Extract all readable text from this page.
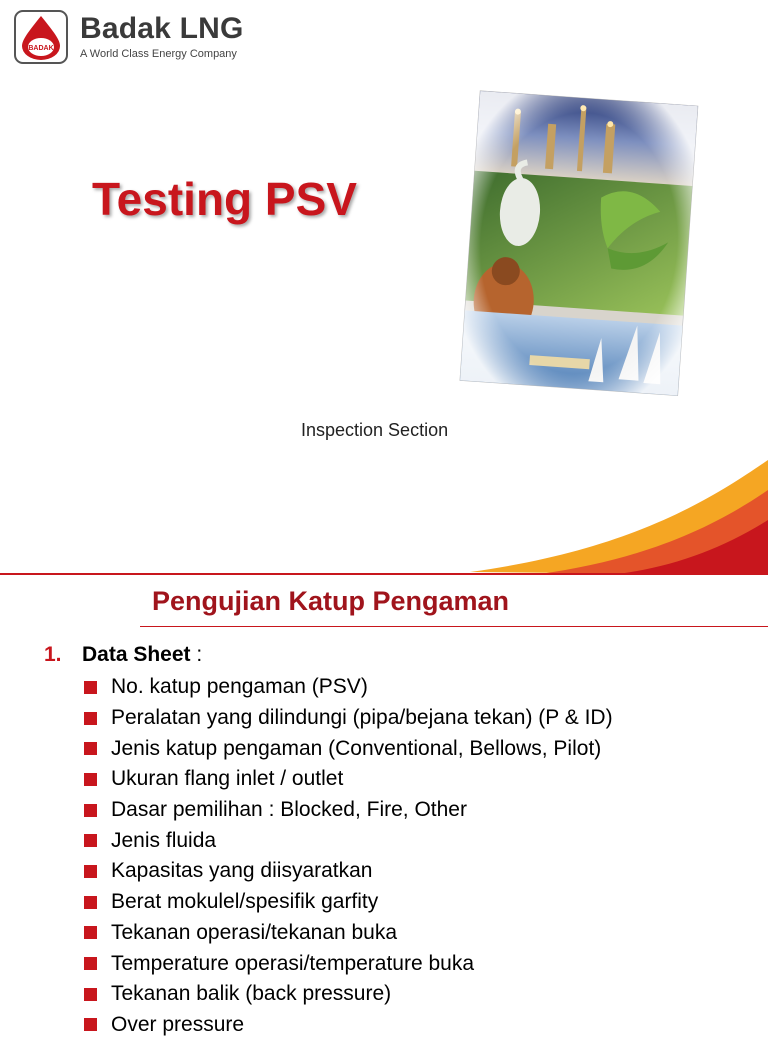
BADAK
Badak LNG
A World Class Energy Company
Testing PSV
Inspection Section
Pengujian Katup Pengaman
1. Data Sheet :
No. katup pengaman (PSV)
Peralatan yang dilindungi (pipa/bejana tekan) (P & ID)
Jenis katup pengaman (Conventional, Bellows, Pilot)
Ukuran flang inlet / outlet
Dasar pemilihan : Blocked, Fire, Other
Jenis fluida
Kapasitas yang diisyaratkan
Berat mokulel/spesifik garfity
Tekanan operasi/tekanan buka
Temperature operasi/temperature buka
Tekanan balik (back pressure)
Over pressure
